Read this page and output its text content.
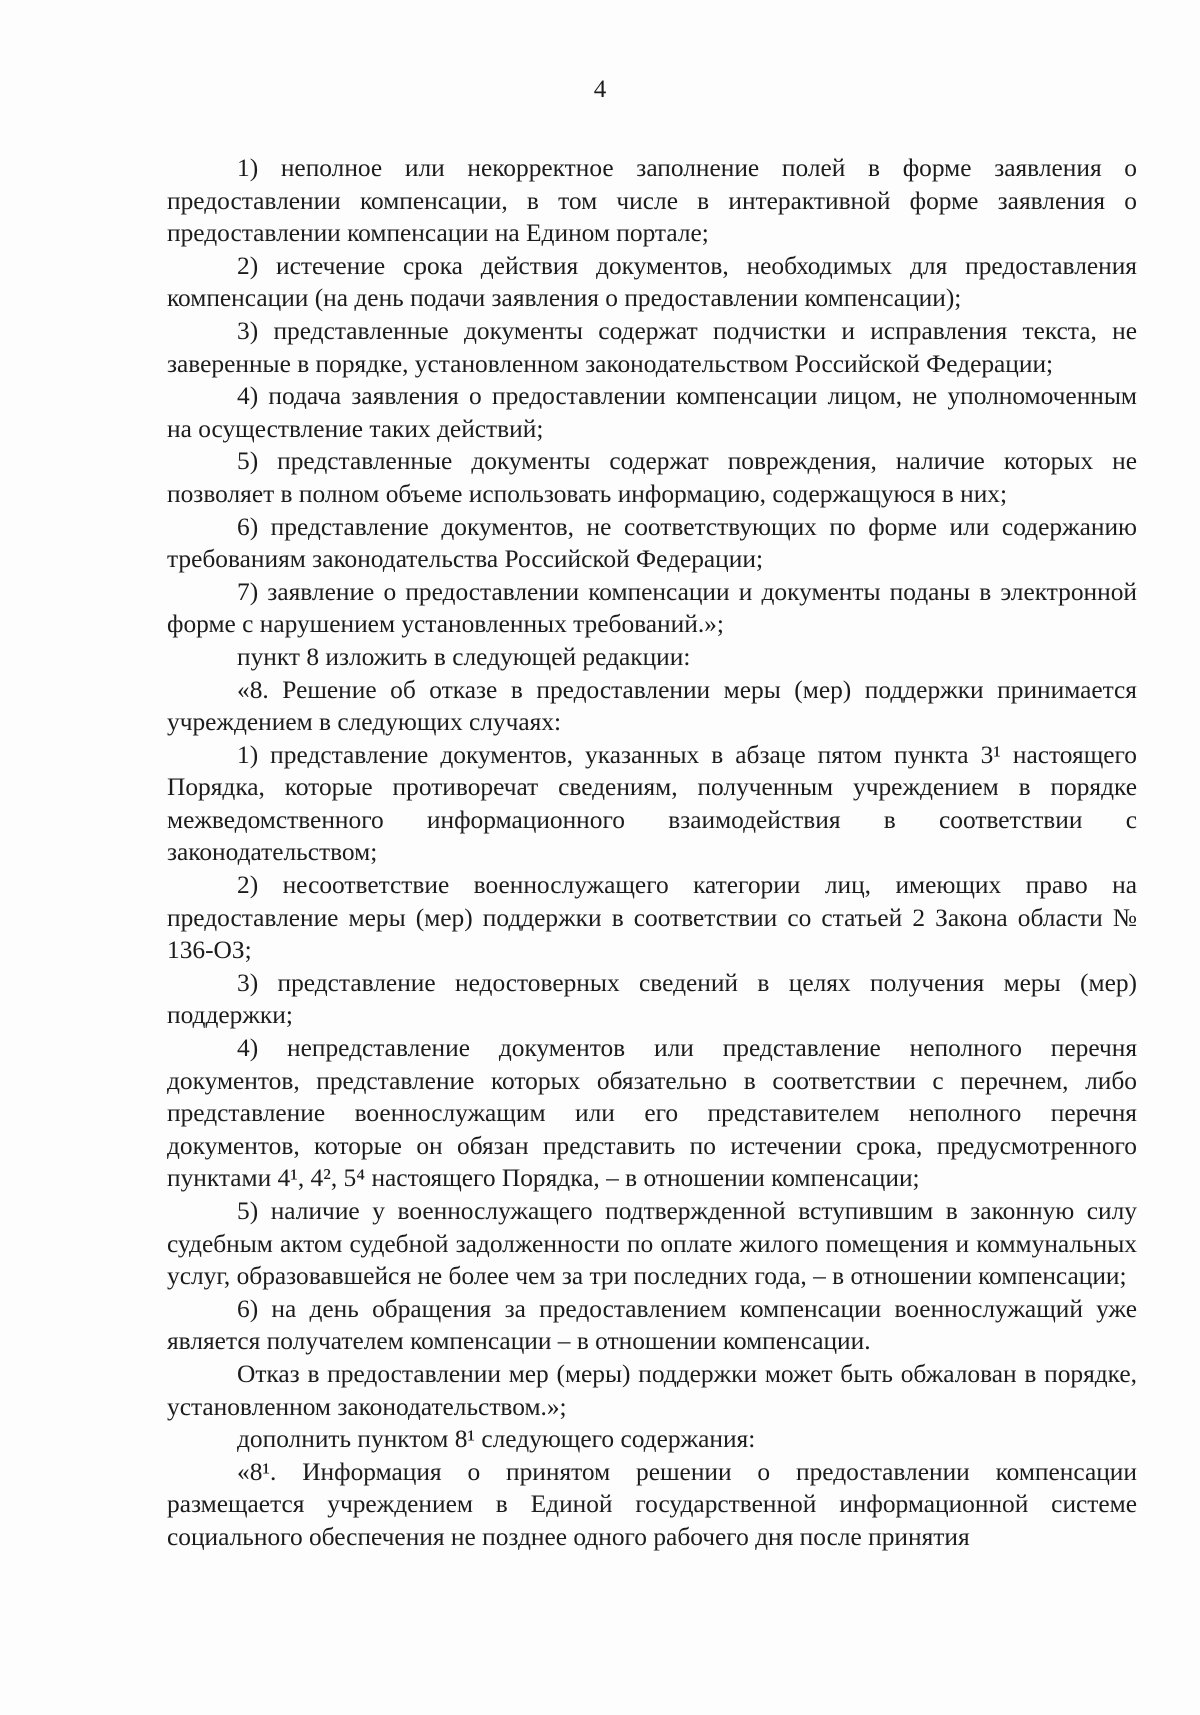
4

1) неполное или некорректное заполнение полей в форме заявления о предоставлении компенсации, в том числе в интерактивной форме заявления о предоставлении компенсации на Едином портале;

2) истечение срока действия документов, необходимых для предоставления компенсации (на день подачи заявления о предоставлении компенсации);

3) представленные документы содержат подчистки и исправления текста, не заверенные в порядке, установленном законодательством Российской Федерации;

4) подача заявления о предоставлении компенсации лицом, не уполномоченным на осуществление таких действий;

5) представленные документы содержат повреждения, наличие которых не позволяет в полном объеме использовать информацию, содержащуюся в них;

6) представление документов, не соответствующих по форме или содержанию требованиям законодательства Российской Федерации;

7) заявление о предоставлении компенсации и документы поданы в электронной форме с нарушением установленных требований.»;

пункт 8 изложить в следующей редакции:

«8. Решение об отказе в предоставлении меры (мер) поддержки принимается учреждением в следующих случаях:

1) представление документов, указанных в абзаце пятом пункта 3¹ настоящего Порядка, которые противоречат сведениям, полученным учреждением в порядке межведомственного информационного взаимодействия в соответствии с законодательством;

2) несоответствие военнослужащего категории лиц, имеющих право на предоставление меры (мер) поддержки в соответствии со статьей 2 Закона области № 136-ОЗ;

3) представление недостоверных сведений в целях получения меры (мер) поддержки;

4) непредставление документов или представление неполного перечня документов, представление которых обязательно в соответствии с перечнем, либо представление военнослужащим или его представителем неполного перечня документов, которые он обязан представить по истечении срока, предусмотренного пунктами 4¹, 4², 5⁴ настоящего Порядка, – в отношении компенсации;

5) наличие у военнослужащего подтвержденной вступившим в законную силу судебным актом судебной задолженности по оплате жилого помещения и коммунальных услуг, образовавшейся не более чем за три последних года, – в отношении компенсации;

6) на день обращения за предоставлением компенсации военнослужащий уже является получателем компенсации – в отношении компенсации.

Отказ в предоставлении мер (меры) поддержки может быть обжалован в порядке, установленном законодательством.»;

дополнить пунктом 8¹ следующего содержания:

«8¹. Информация о принятом решении о предоставлении компенсации размещается учреждением в Единой государственной информационной системе социального обеспечения не позднее одного рабочего дня после принятия
